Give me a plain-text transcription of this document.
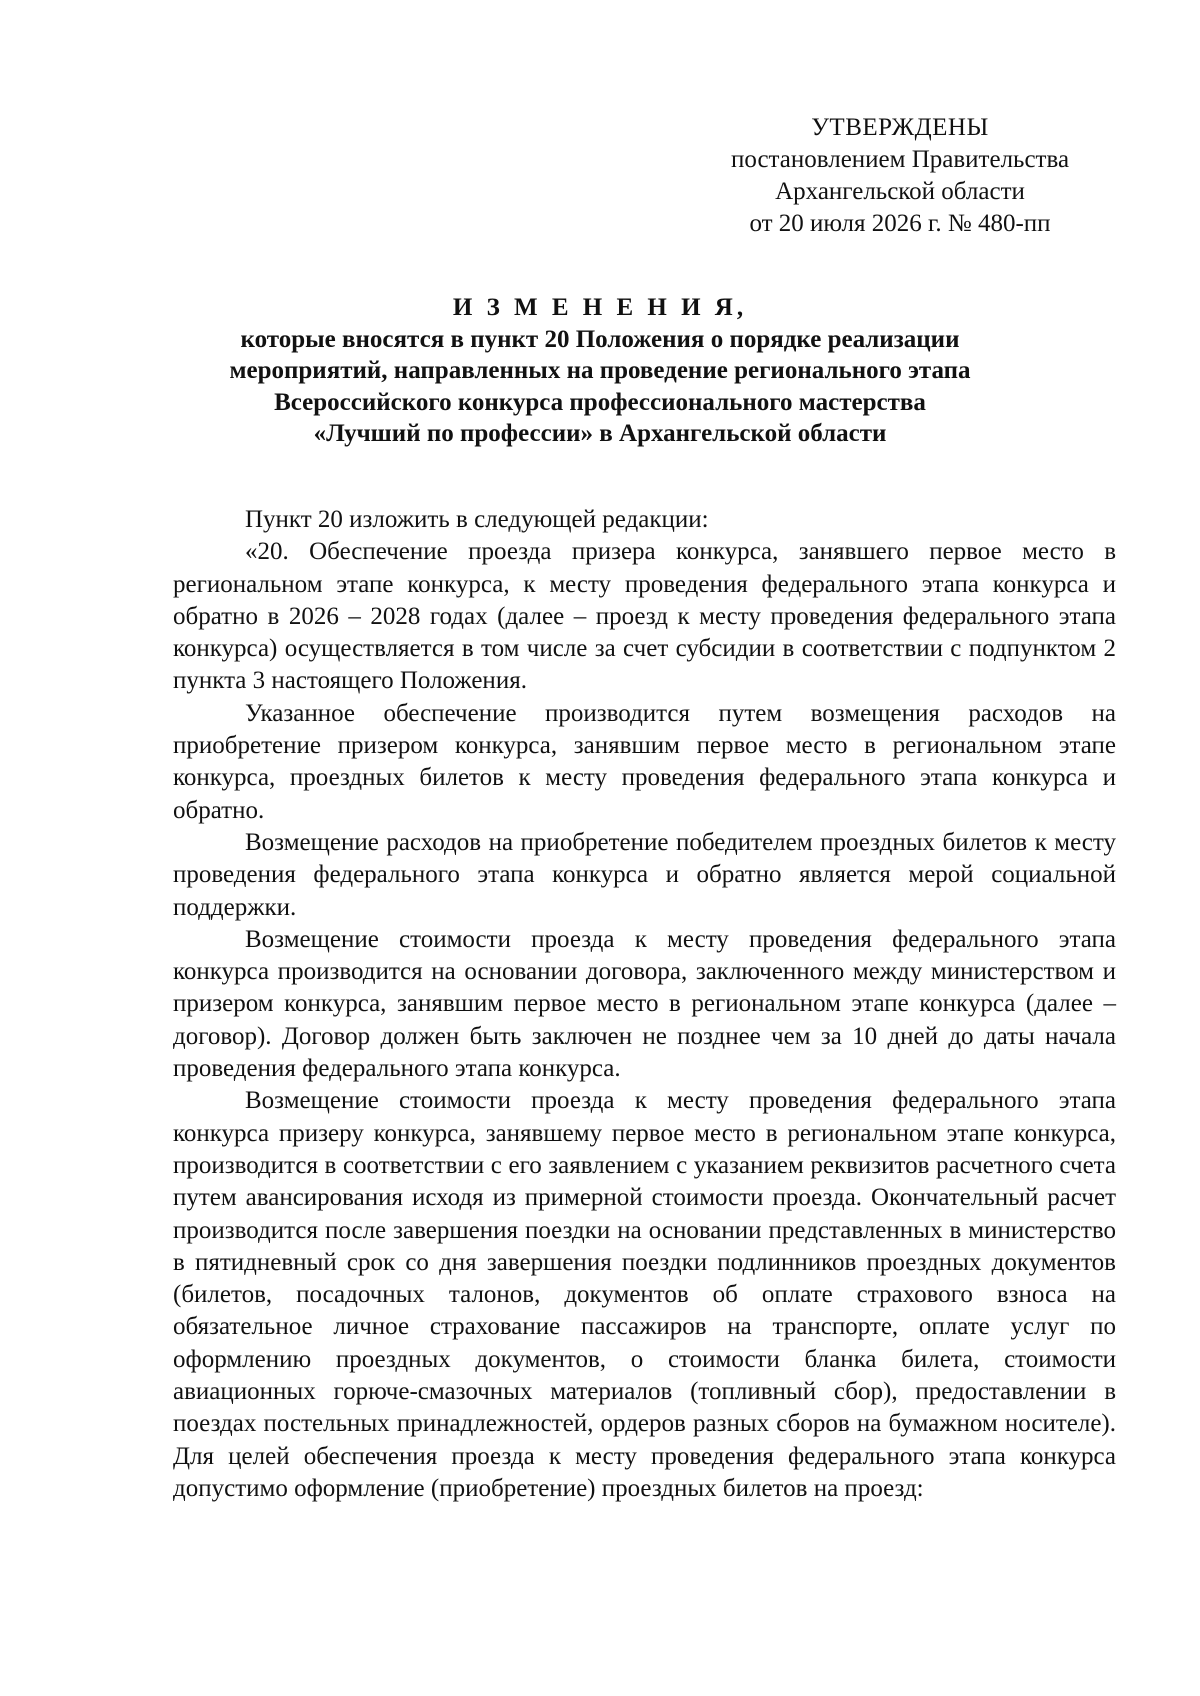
УТВЕРЖДЕНЫ
постановлением Правительства
Архангельской области
от 20 июля 2026 г. № 480-пп
И З М Е Н Е Н И Я,
которые вносятся в пункт 20 Положения о порядке реализации
мероприятий, направленных на проведение регионального этапа
Всероссийского конкурса профессионального мастерства
«Лучший по профессии» в Архангельской области

Пункт 20 изложить в следующей редакции:

«20. Обеспечение проезда призера конкурса, занявшего первое место в региональном этапе конкурса, к месту проведения федерального этапа конкурса и обратно в 2026 – 2028 годах (далее – проезд к месту проведения федерального этапа конкурса) осуществляется в том числе за счет субсидии в соответствии с подпунктом 2 пункта 3 настоящего Положения.

Указанное обеспечение производится путем возмещения расходов на приобретение призером конкурса, занявшим первое место в региональном этапе конкурса, проездных билетов к месту проведения федерального этапа конкурса и обратно.

Возмещение расходов на приобретение победителем проездных билетов к месту проведения федерального этапа конкурса и обратно является мерой социальной поддержки.

Возмещение стоимости проезда к месту проведения федерального этапа конкурса производится на основании договора, заключенного между министерством и призером конкурса, занявшим первое место в региональном этапе конкурса (далее – договор). Договор должен быть заключен не позднее чем за 10 дней до даты начала проведения федерального этапа конкурса.

Возмещение стоимости проезда к месту проведения федерального этапа конкурса призеру конкурса, занявшему первое место в региональном этапе конкурса, производится в соответствии с его заявлением с указанием реквизитов расчетного счета путем авансирования исходя из примерной стоимости проезда. Окончательный расчет производится после завершения поездки на основании представленных в министерство в пятидневный срок со дня завершения поездки подлинников проездных документов (билетов, посадочных талонов, документов об оплате страхового взноса на обязательное личное страхование пассажиров на транспорте, оплате услуг по оформлению проездных документов, о стоимости бланка билета, стоимости авиационных горюче-смазочных материалов (топливный сбор), предоставлении в поездах постельных принадлежностей, ордеров разных сборов на бумажном носителе). Для целей обеспечения проезда к месту проведения федерального этапа конкурса допустимо оформление (приобретение) проездных билетов на проезд:
